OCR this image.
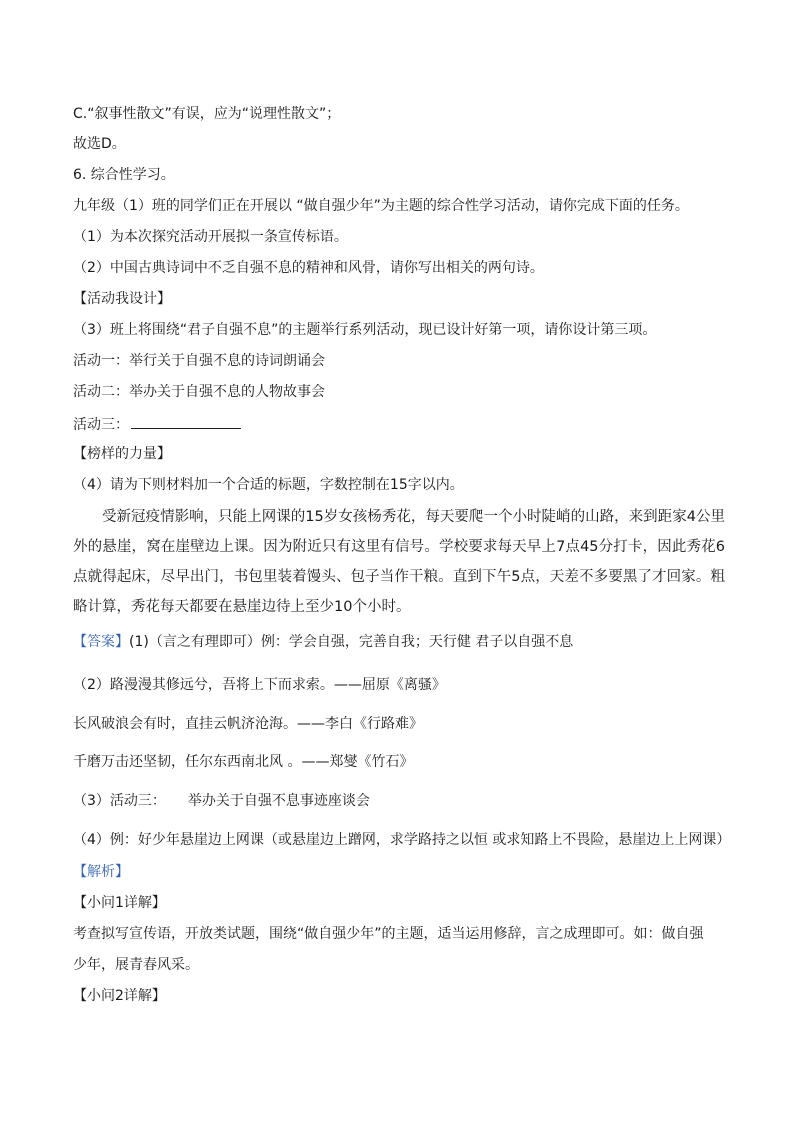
C.“叙事性散文”有误，应为“说理性散文”；
故选D。
6. 综合性学习。
九年级（1）班的同学们正在开展以 “做自强少年”为主题的综合性学习活动，请你完成下面的任务。
（1）为本次探究活动开展拟一条宣传标语。
（2）中国古典诗词中不乏自强不息的精神和风骨，请你写出相关的两句诗。
【活动我设计】
（3）班上将围绕“君子自强不息”的主题举行系列活动，现已设计好第一项，请你设计第三项。
活动一：举行关于自强不息的诗词朗诵会
活动二：举办关于自强不息的人物故事会
活动三：
【榜样的力量】
（4）请为下则材料加一个合适的标题，字数控制在15字以内。
受新冠疫情影响，只能上网课的15岁女孩杨秀花，每天要爬一个小时陡峭的山路，来到距家4公里外的悬崖，窝在崖壁边上课。因为附近只有这里有信号。学校要求每天早上7点45分打卡，因此秀花6点就得起床，尽早出门，书包里装着馒头、包子当作干粮。直到下午5点，天差不多要黑了才回家。粗略计算，秀花每天都要在悬崖边待上至少10个小时。
【答案】(1)（言之有理即可）例：学会自强，完善自我；天行健 君子以自强不息
（2）路漫漫其修远兮，吾将上下而求索。——屈原《离骚》
长风破浪会有时，直挂云帆济沧海。——李白《行路难》
千磨万击还坚韧，任尔东西南北风 。——郑燮《竹石》
（3）活动三： 举办关于自强不息事迹座谈会
（4）例：好少年悬崖边上网课（或悬崖边上蹭网，求学路持之以恒 或求知路上不畏险，悬崖边上上网课）
【解析】
【小问1详解】
考查拟写宣传语，开放类试题，围绕“做自强少年”的主题，适当运用修辞，言之成理即可。如：做自强
少年，展青春风采。
【小问2详解】
